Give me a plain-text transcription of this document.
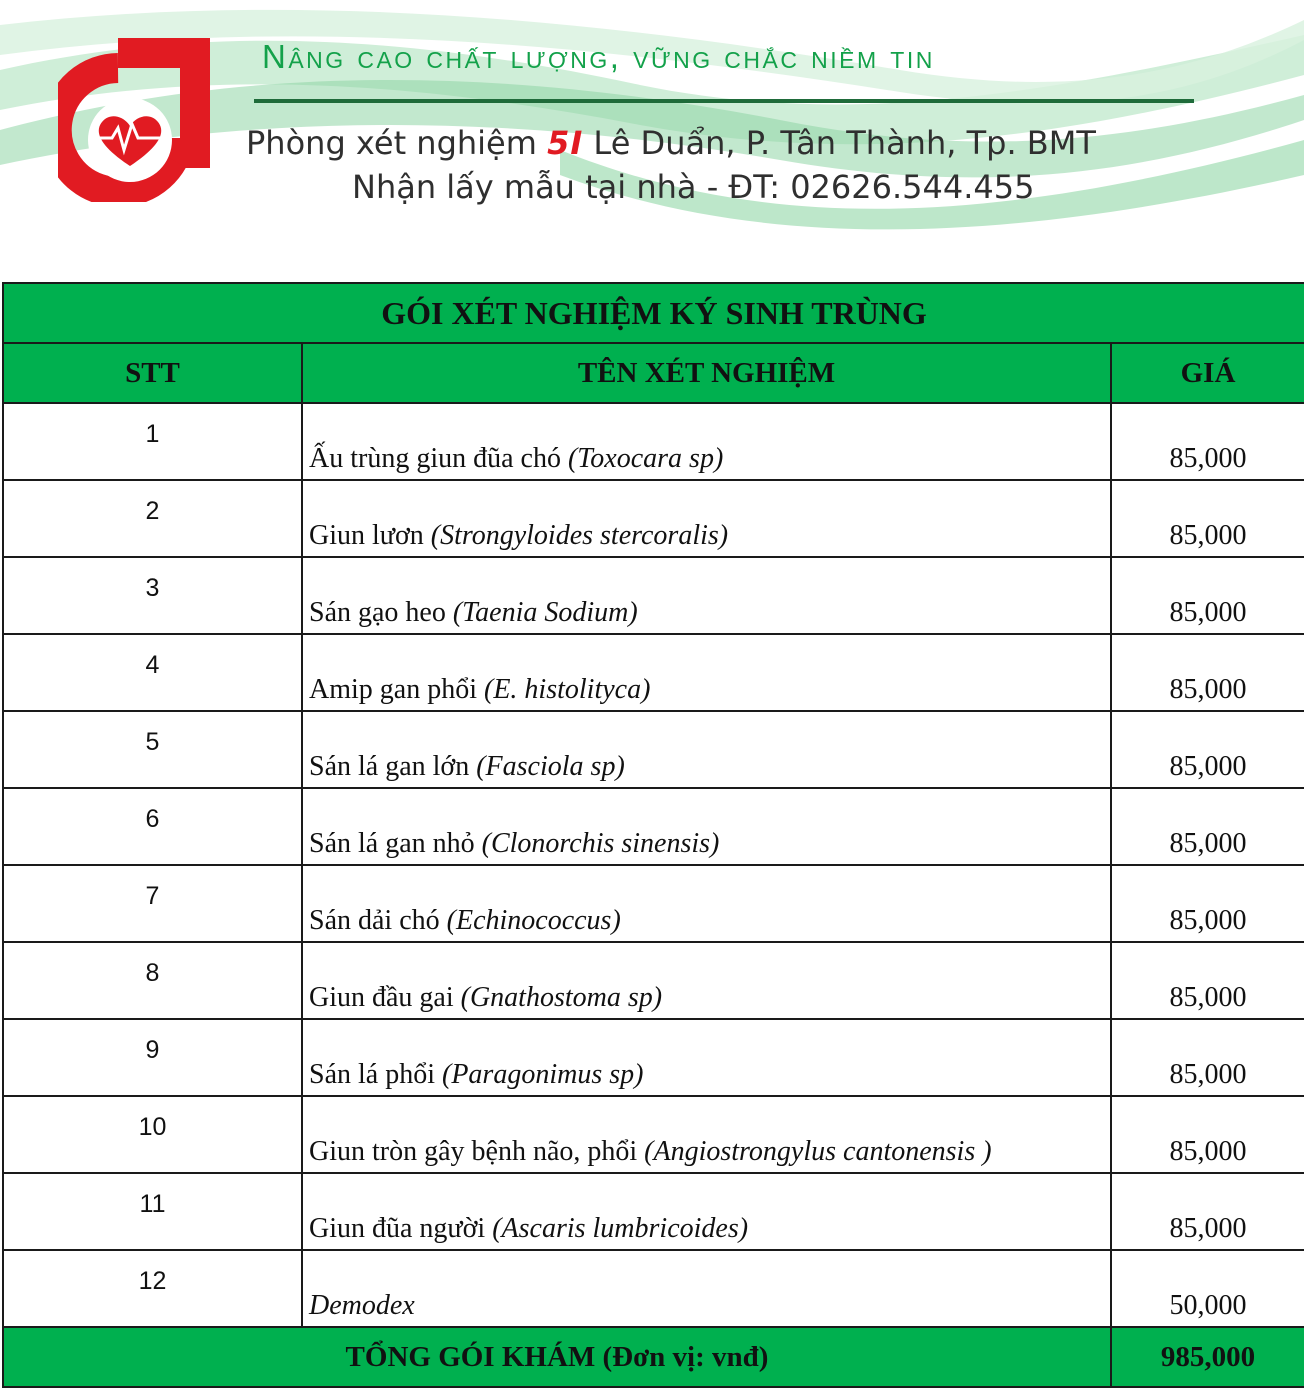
Nâng cao chất lượng, vững chắc niềm tin
Phòng xét nghiệm 5I Lê Duẩn, P. Tân Thành, Tp. BMT
Nhận lấy mẫu tại nhà - ĐT: 02626.544.455
GÓI XÉT NGHIỆM KÝ SINH TRÙNG		
STT	TÊN XÉT NGHIỆM	GIÁ
1	Ấu trùng giun đũa chó (Toxocara sp)	85,000
2	Giun lươn (Strongyloides stercoralis)	85,000
3	Sán gạo heo (Taenia Sodium)	85,000
4	Amip gan phổi (E. histolityca)	85,000
5	Sán lá gan lớn (Fasciola sp)	85,000
6	Sán lá gan nhỏ (Clonorchis sinensis)	85,000
7	Sán dải chó (Echinococcus)	85,000
8	Giun đầu gai (Gnathostoma sp)	85,000
9	Sán lá phổi (Paragonimus sp)	85,000
10	Giun tròn gây bệnh não, phổi (Angiostrongylus cantonensis )	85,000
11	Giun đũa người (Ascaris lumbricoides)	85,000
12	Demodex	50,000
TỔNG GÓI KHÁM (Đơn vị: vnđ)		985,000
